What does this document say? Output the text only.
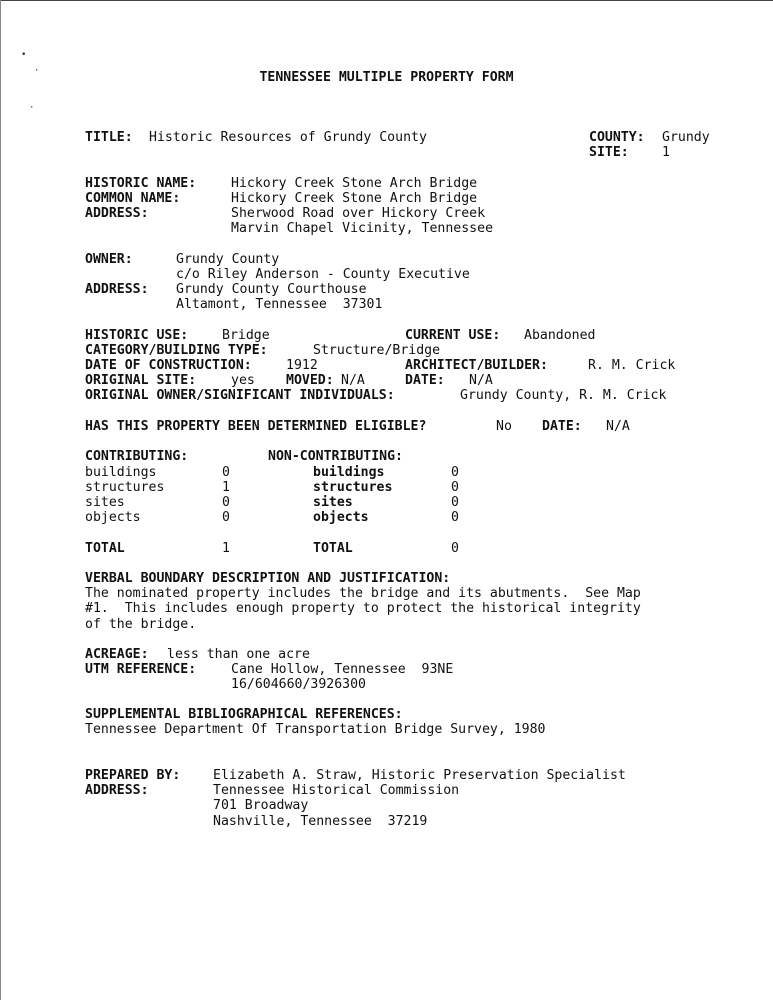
•
·
·
TENNESSEE MULTIPLE PROPERTY FORM
TITLE: Historic Resources of Grundy County	COUNTY: Grundy
SITE:	1
HISTORIC NAME:	Hickory Creek Stone Arch Bridge
COMMON NAME:	Hickory Creek Stone Arch Bridge
ADDRESS:	Sherwood Road over Hickory Creek
Marvin Chapel Vicinity, Tennessee
OWNER:	Grundy County
c/o Riley Anderson - County Executive
ADDRESS: Grundy County Courthouse
Altamont, Tennessee  37301
HISTORIC USE:	Bridge	CURRENT USE: Abandoned
CATEGORY/BUILDING TYPE:	Structure/Bridge
DATE OF CONSTRUCTION:	1912	ARCHITECT/BUILDER:	R. M. Crick
ORIGINAL SITE:	yes MOVED: N/A	DATE: N/A
ORIGINAL OWNER/SIGNIFICANT INDIVIDUALS:	Grundy County, R. M. Crick
HAS THIS PROPERTY BEEN DETERMINED ELIGIBLE?	No DATE: N/A
CONTRIBUTING:	NON-CONTRIBUTING:
buildings	0	buildings	0
structures	1	structures	0
sites	0	sites	0
objects	0	objects	0
TOTAL	1	TOTAL	0
VERBAL BOUNDARY DESCRIPTION AND JUSTIFICATION:
The nominated property includes the bridge and its abutments.  See Map
#1.  This includes enough property to protect the historical integrity
of the bridge.
ACREAGE: less than one acre
UTM REFERENCE:	Cane Hollow, Tennessee  93NE
16/604660/3926300
SUPPLEMENTAL BIBLIOGRAPHICAL REFERENCES:
Tennessee Department Of Transportation Bridge Survey, 1980
PREPARED BY: Elizabeth A. Straw, Historic Preservation Specialist
ADDRESS:	Tennessee Historical Commission
701 Broadway
Nashville, Tennessee  37219
